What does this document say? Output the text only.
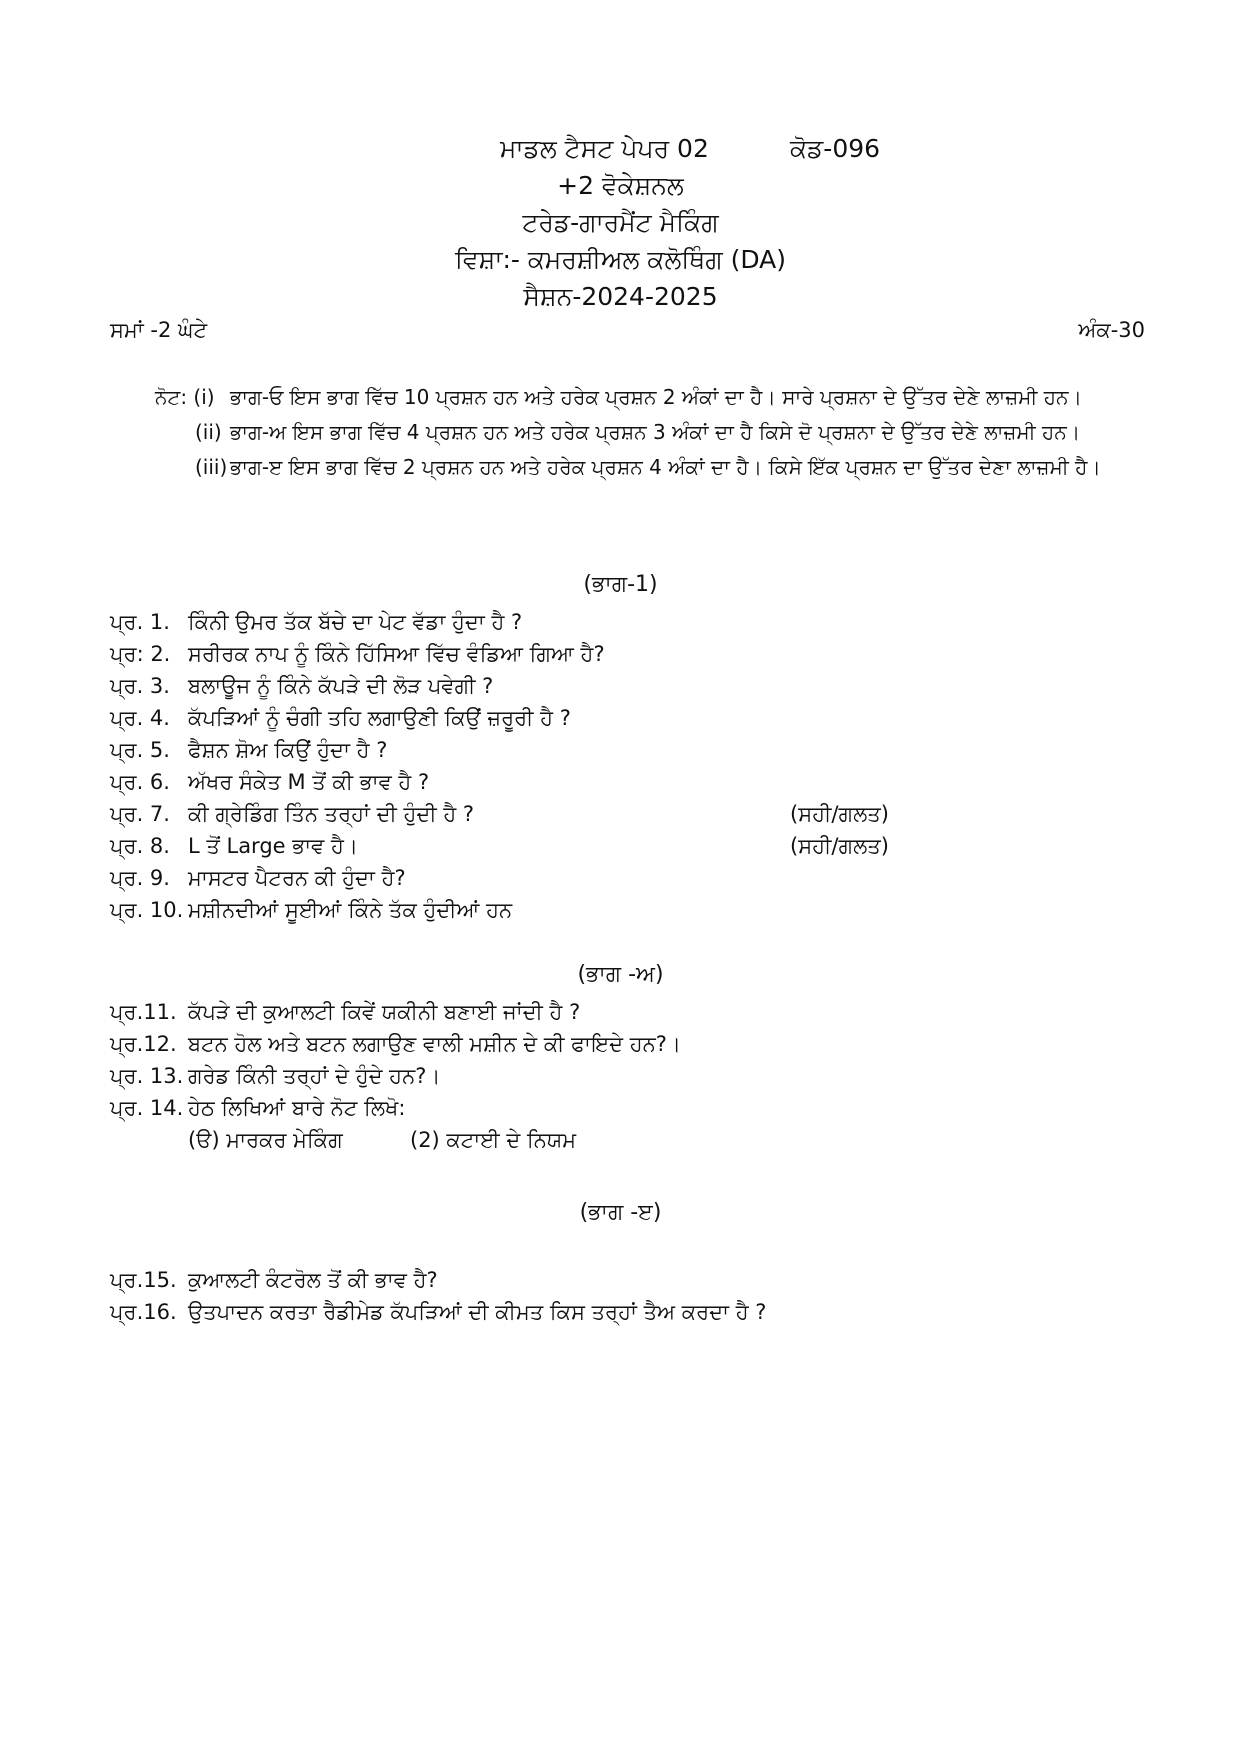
ਮਾਡਲ ਟੈਸਟ ਪੇਪਰ 02	ਕੋਡ-096
+2 ਵੋਕੇਸ਼ਨਲ
ਟਰੇਡ-ਗਾਰਮੈਂਟ ਮੈਕਿੰਗ
ਵਿਸ਼ਾ:- ਕਮਰਸ਼ੀਅਲ ਕਲੋਥਿੰਗ (DA)
ਸੈਸ਼ਨ-2024-2025
ਸਮਾਂ -2 ਘੰਟੇ	ਅੰਕ-30
ਨੋਟ: (i) ਭਾਗ-ਓ ਇਸ ਭਾਗ ਵਿੱਚ 10 ਪ੍ਰਸ਼ਨ ਹਨ ਅਤੇ ਹਰੇਕ ਪ੍ਰਸ਼ਨ 2 ਅੰਕਾਂ ਦਾ ਹੈ। ਸਾਰੇ ਪ੍ਰਸ਼ਨਾ ਦੇ ਉੱਤਰ ਦੇਣੇ ਲਾਜ਼ਮੀ ਹਨ।
(ii) ਭਾਗ-ਅ ਇਸ ਭਾਗ ਵਿੱਚ 4 ਪ੍ਰਸ਼ਨ ਹਨ ਅਤੇ ਹਰੇਕ ਪ੍ਰਸ਼ਨ 3 ਅੰਕਾਂ ਦਾ ਹੈ ਕਿਸੇ ਦੋ ਪ੍ਰਸ਼ਨਾ ਦੇ ਉੱਤਰ ਦੇਣੇ ਲਾਜ਼ਮੀ ਹਨ।
(iii) ਭਾਗ-ੲ ਇਸ ਭਾਗ ਵਿੱਚ 2 ਪ੍ਰਸ਼ਨ ਹਨ ਅਤੇ ਹਰੇਕ ਪ੍ਰਸ਼ਨ 4 ਅੰਕਾਂ ਦਾ ਹੈ। ਕਿਸੇ ਇੱਕ ਪ੍ਰਸ਼ਨ ਦਾ ਉੱਤਰ ਦੇਣਾ ਲਾਜ਼ਮੀ ਹੈ।
(ਭਾਗ-1)
ਪ੍ਰ. 1. ਕਿੰਨੀ ਉਮਰ ਤੱਕ ਬੱਚੇ ਦਾ ਪੇਟ ਵੱਡਾ ਹੁੰਦਾ ਹੈ ?
ਪ੍ਰ: 2. ਸਰੀਰਕ ਨਾਪ ਨੂੰ ਕਿੰਨੇ ਹਿੱਸਿਆ ਵਿੱਚ ਵੰਡਿਆ ਗਿਆ ਹੈ?
ਪ੍ਰ. 3. ਬਲਾਊਜ ਨੂੰ ਕਿੰਨੇ ਕੱਪੜੇ ਦੀ ਲੋੜ ਪਵੇਗੀ ?
ਪ੍ਰ. 4. ਕੱਪੜਿਆਂ ਨੂੰ ਚੰਗੀ ਤਹਿ ਲਗਾਉਣੀ ਕਿਉਂ ਜ਼ਰੂਰੀ ਹੈ ?
ਪ੍ਰ. 5. ਫੈਸ਼ਨ ਸ਼ੋਅ ਕਿਉਂ ਹੁੰਦਾ ਹੈ ?
ਪ੍ਰ. 6. ਅੱਖਰ ਸੰਕੇਤ M ਤੋਂ ਕੀ ਭਾਵ ਹੈ ?
ਪ੍ਰ. 7. ਕੀ ਗ੍ਰੇਡਿੰਗ ਤਿੰਨ ਤਰ੍ਹਾਂ ਦੀ ਹੁੰਦੀ ਹੈ ?	(ਸਹੀ/ਗਲਤ)
ਪ੍ਰ. 8. L ਤੋਂ Large ਭਾਵ ਹੈ।	(ਸਹੀ/ਗਲਤ)
ਪ੍ਰ. 9. ਮਾਸਟਰ ਪੈਟਰਨ ਕੀ ਹੁੰਦਾ ਹੈ?
ਪ੍ਰ. 10. ਮਸ਼ੀਨਦੀਆਂ ਸੂਈਆਂ ਕਿੰਨੇ ਤੱਕ ਹੁੰਦੀਆਂ ਹਨ
(ਭਾਗ -ਅ)
ਪ੍ਰ.11. ਕੱਪੜੇ ਦੀ ਕੁਆਲਟੀ ਕਿਵੇਂ ਯਕੀਨੀ ਬਣਾਈ ਜਾਂਦੀ ਹੈ ?
ਪ੍ਰ.12. ਬਟਨ ਹੋਲ ਅਤੇ ਬਟਨ ਲਗਾਉਣ ਵਾਲੀ ਮਸ਼ੀਨ ਦੇ ਕੀ ਫਾਇਦੇ ਹਨ?।
ਪ੍ਰ. 13. ਗਰੇਡ ਕਿੰਨੀ ਤਰ੍ਹਾਂ ਦੇ ਹੁੰਦੇ ਹਨ?।
ਪ੍ਰ. 14. ਹੇਠ ਲਿਖਿਆਂ ਬਾਰੇ ਨੋਟ ਲਿਖੋ:
(ੳ) ਮਾਰਕਰ ਮੇਕਿੰਗ	(2) ਕਟਾਈ ਦੇ ਨਿਯਮ
(ਭਾਗ -ੲ)
ਪ੍ਰ.15. ਕੁਆਲਟੀ ਕੰਟਰੋਲ ਤੋਂ ਕੀ ਭਾਵ ਹੈ?
ਪ੍ਰ.16. ਉਤਪਾਦਨ ਕਰਤਾ ਰੈਡੀਮੇਡ ਕੱਪੜਿਆਂ ਦੀ ਕੀਮਤ ਕਿਸ ਤਰ੍ਹਾਂ ਤੈਅ ਕਰਦਾ ਹੈ ?
